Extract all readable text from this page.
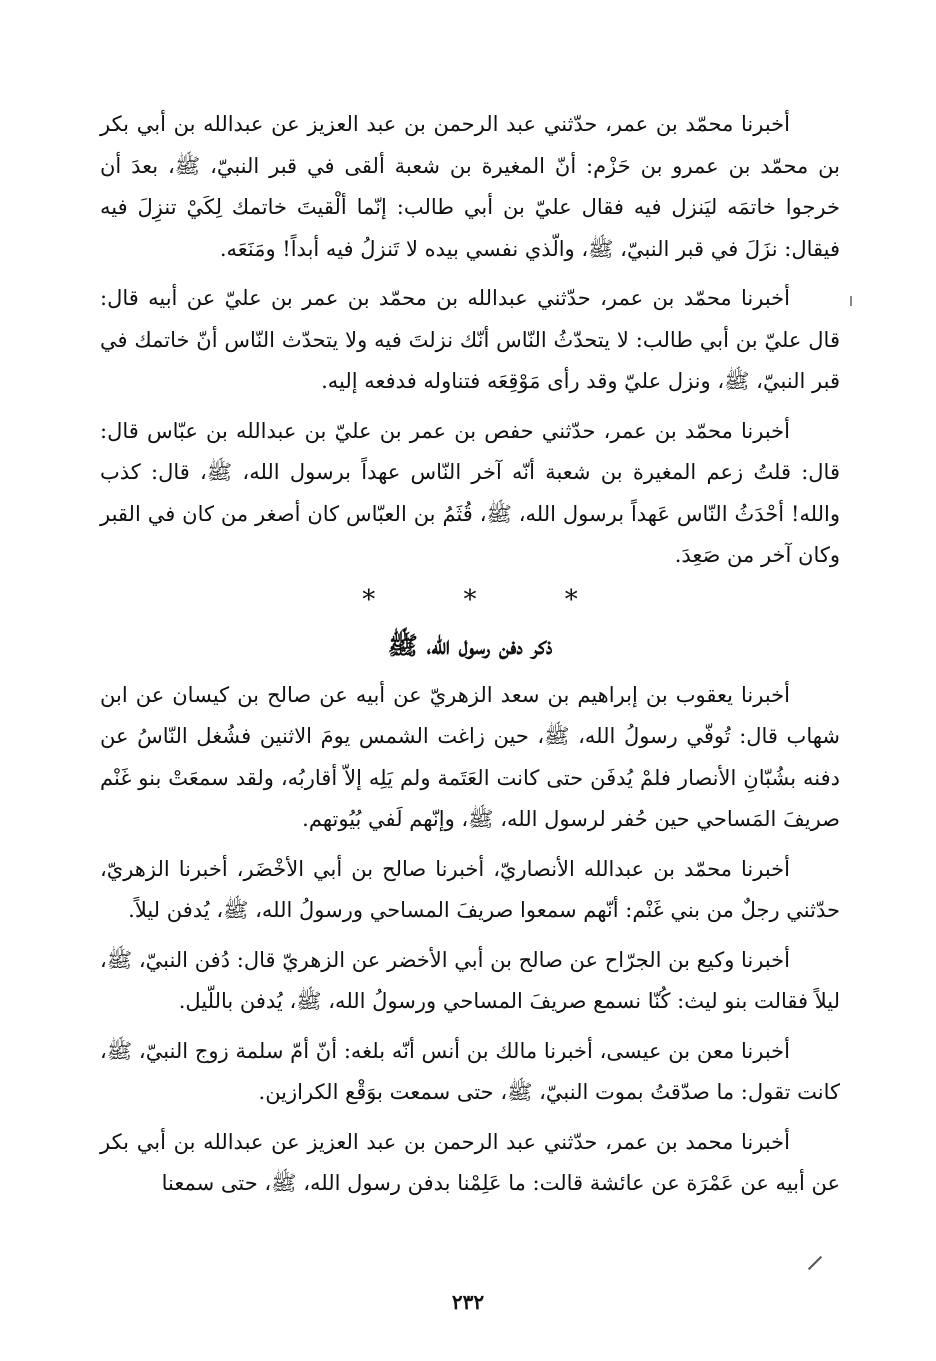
أخبرنا محمّد بن عمر، حدّثني عبد الرحمن بن عبد العزيز عن عبدالله بن أبي بكر بن محمّد بن عمرو بن حَزْم: أنّ المغيرة بن شعبة ألقى في قبر النبيّ، ﷺ، بعدَ أن خرجوا خاتمَه ليَنزل فيه فقال عليّ بن أبي طالب: إنّما ألْقيتَ خاتمك لِكَيْ تنزِلَ فيه فيقال: نزَلَ في قبر النبيّ، ﷺ، والّذي نفسي بيده لا تَنزلُ فيه أبداً! ومَنَعَه.

أخبرنا محمّد بن عمر، حدّثني عبدالله بن محمّد بن عمر بن عليّ عن أبيه قال: قال عليّ بن أبي طالب: لا يتحدّثُ النّاس أنّك نزلتَ فيه ولا يتحدّث النّاس أنّ خاتمك في قبر النبيّ، ﷺ، ونزل عليّ وقد رأى مَوْقِعَه فتناوله فدفعه إليه.

أخبرنا محمّد بن عمر، حدّثني حفص بن عمر بن عليّ بن عبدالله بن عبّاس قال: قال: قلتُ زعم المغيرة بن شعبة أنّه آخر النّاس عهداً برسول الله، ﷺ، قال: كذب والله! أحْدَثُ النّاس عَهداً برسول الله، ﷺ، قُثَمُ بن العبّاس كان أصغر من كان في القبر وكان آخر من صَعِدَ.

* * *
ذكر دفن رسول الله، ﷺ

أخبرنا يعقوب بن إبراهيم بن سعد الزهريّ عن أبيه عن صالح بن كيسان عن ابن شهاب قال: تُوفّي رسولُ الله، ﷺ، حين زاغت الشمس يومَ الاثنين فشُغل النّاسُ عن دفنه بشُبّانِ الأنصار فلمْ يُدفَن حتى كانت العَتَمة ولم يَلِه إلاّ أقاربُه، ولقد سمعَتْ بنو غَنْم صريفَ المَساحي حين حُفر لرسول الله، ﷺ، وإنّهم لَفي بُيُوتهم.

أخبرنا محمّد بن عبدالله الأنصاريّ، أخبرنا صالح بن أبي الأخْضَر، أخبرنا الزهريّ، حدّثني رجلٌ من بني غَنْم: أنّهم سمعوا صريفَ المساحي ورسولُ الله، ﷺ، يُدفن ليلاً.

أخبرنا وكيع بن الجرّاح عن صالح بن أبي الأخضر عن الزهريّ قال: دُفن النبيّ، ﷺ، ليلاً فقالت بنو ليث: كُنّا نسمع صريفَ المساحي ورسولُ الله، ﷺ، يُدفن باللّيل.

أخبرنا معن بن عيسى، أخبرنا مالك بن أنس أنّه بلغه: أنّ أمّ سلمة زوج النبيّ، ﷺ، كانت تقول: ما صدّقتُ بموت النبيّ، ﷺ، حتى سمعت بوَقْع الكرازين.

أخبرنا محمد بن عمر، حدّثني عبد الرحمن بن عبد العزيز عن عبدالله بن أبي بكر عن أبيه عن عَمْرَة عن عائشة قالت: ما عَلِمْنا بدفن رسول الله، ﷺ، حتى سمعنا

٢٣٢
